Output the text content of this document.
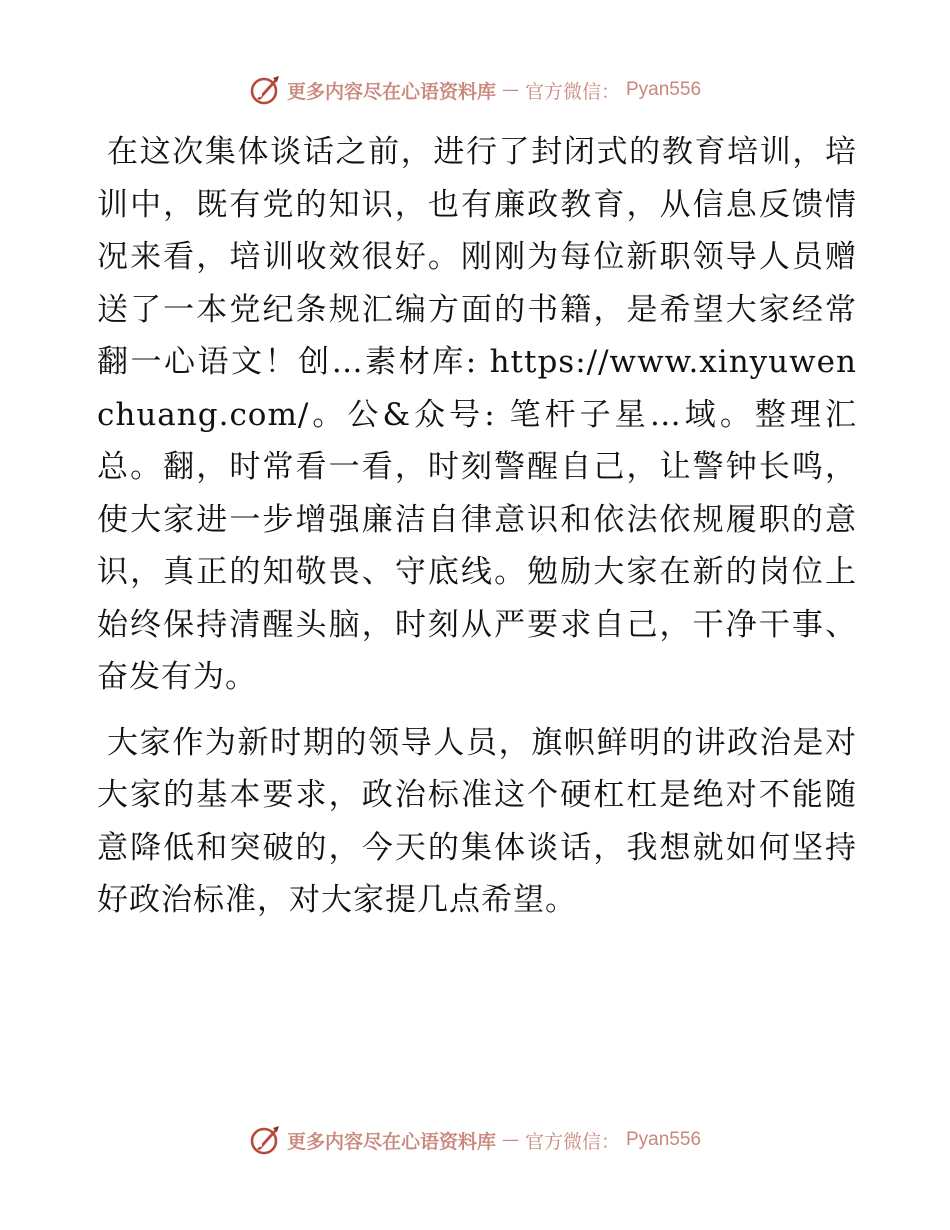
更多内容尽在心语资料库 — 官方微信： Pyan556

在这次集体谈话之前，进行了封闭式的教育培训，培训中，既有党的知识，也有廉政教育，从信息反馈情况来看，培训收效很好。刚刚为每位新职领导人员赠送了一本党纪条规汇编方面的书籍，是希望大家经常翻一心语文！创…素材库: https://www.xinyuwenchuang.com/。公&众号: 笔杆子星…域。整理汇总。翻，时常看一看，时刻警醒自己，让警钟长鸣，使大家进一步增强廉洁自律意识和依法依规履职的意识，真正的知敬畏、守底线。勉励大家在新的岗位上始终保持清醒头脑，时刻从严要求自己，干净干事、奋发有为。

大家作为新时期的领导人员，旗帜鲜明的讲政治是对大家的基本要求，政治标准这个硬杠杠是绝对不能随意降低和突破的，今天的集体谈话，我想就如何坚持好政治标准，对大家提几点希望。

更多内容尽在心语资料库 — 官方微信： Pyan556
